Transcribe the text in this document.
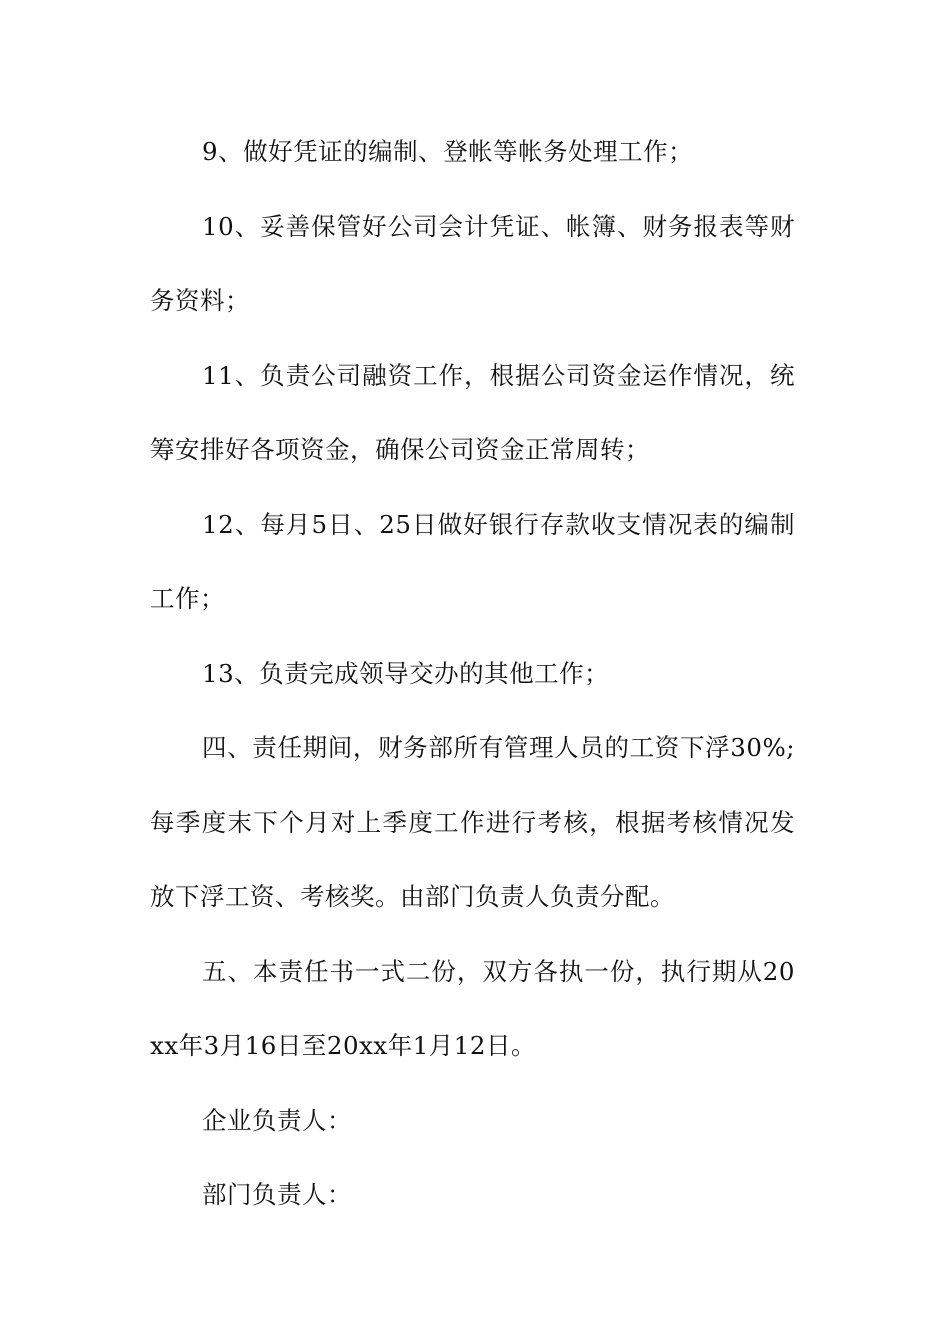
9、做好凭证的编制、登帐等帐务处理工作；

10、妥善保管好公司会计凭证、帐簿、财务报表等财务资料；

11、负责公司融资工作，根据公司资金运作情况，统筹安排好各项资金，确保公司资金正常周转；

12、每月5日、25日做好银行存款收支情况表的编制工作；

13、负责完成领导交办的其他工作；

四、责任期间，财务部所有管理人员的工资下浮30%;每季度末下个月对上季度工作进行考核，根据考核情况发放下浮工资、考核奖。由部门负责人负责分配。

五、本责任书一式二份，双方各执一份，执行期从20xx年3月16日至20xx年1月12日。

企业负责人：

部门负责人：
